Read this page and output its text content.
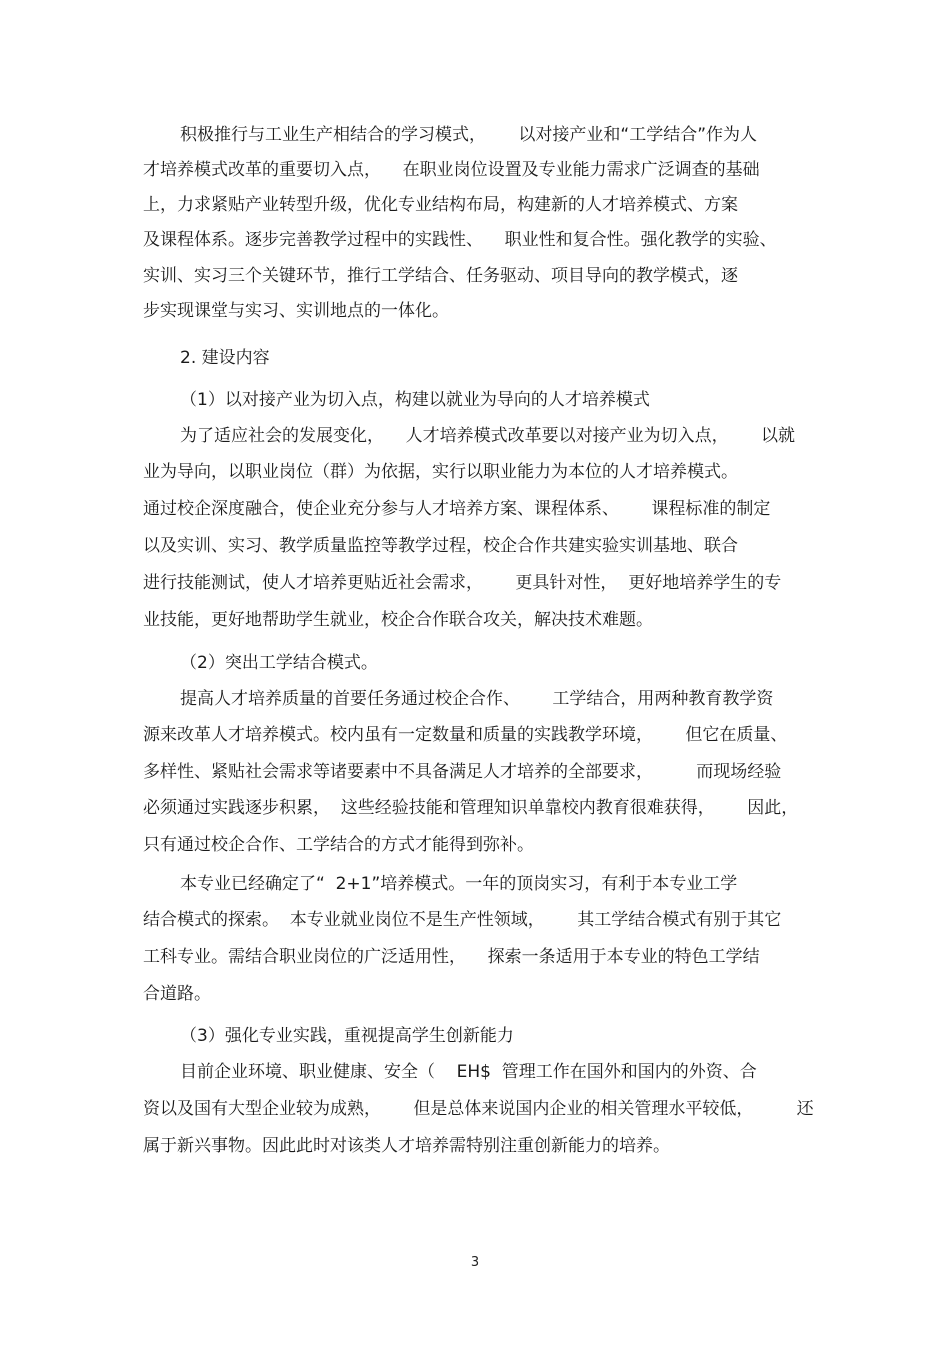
积极推行与工业生产相结合的学习模式，      以对接产业和“工学结合”作为人
才培养模式改革的重要切入点，    在职业岗位设置及专业能力需求广泛调查的基础
上，力求紧贴产业转型升级，优化专业结构布局，构建新的人才培养模式、方案
及课程体系。逐步完善教学过程中的实践性、    职业性和复合性。强化教学的实验、
实训、实习三个关键环节，推行工学结合、任务驱动、项目导向的教学模式，逐
步实现课堂与实习、实训地点的一体化。
2. 建设内容
（1）以对接产业为切入点，构建以就业为导向的人才培养模式
为了适应社会的发展变化，    人才培养模式改革要以对接产业为切入点，      以就
业为导向，以职业岗位（群）为依据，实行以职业能力为本位的人才培养模式。
通过校企深度融合，使企业充分参与人才培养方案、课程体系、      课程标准的制定
以及实训、实习、教学质量监控等教学过程，校企合作共建实验实训基地、联合
进行技能测试，使人才培养更贴近社会需求，      更具针对性，  更好地培养学生的专
业技能，更好地帮助学生就业，校企合作联合攻关，解决技术难题。
（2）突出工学结合模式。
提高人才培养质量的首要任务通过校企合作、      工学结合，用两种教育教学资
源来改革人才培养模式。校内虽有一定数量和质量的实践教学环境，      但它在质量、
多样性、紧贴社会需求等诸要素中不具备满足人才培养的全部要求，        而现场经验
必须通过实践逐步积累，  这些经验技能和管理知识单靠校内教育很难获得，      因此，
只有通过校企合作、工学结合的方式才能得到弥补。
本专业已经确定了“  2+1”培养模式。一年的顶岗实习，有利于本专业工学
结合模式的探索。  本专业就业岗位不是生产性领域，      其工学结合模式有别于其它
工科专业。需结合职业岗位的广泛适用性，    探索一条适用于本专业的特色工学结
合道路。
（3）强化专业实践，重视提高学生创新能力
目前企业环境、职业健康、安全（    EH$  管理工作在国外和国内的外资、合
资以及国有大型企业较为成熟，      但是总体来说国内企业的相关管理水平较低，        还
属于新兴事物。因此此时对该类人才培养需特别注重创新能力的培养。
3
